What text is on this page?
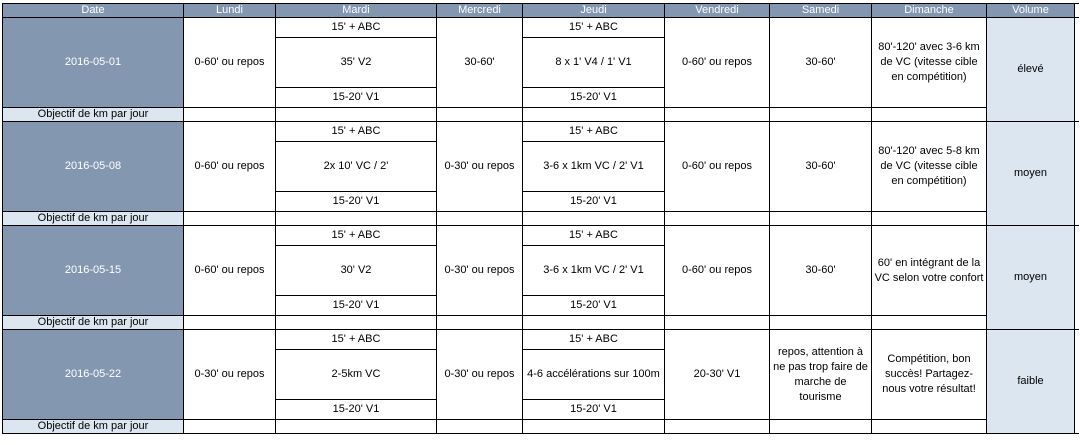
Date	Lundi	Mardi	Mercredi	Jeudi	Vendredi	Samedi	Dimanche	Volume	
2016-05-01	0-60' ou repos	15' + ABC	30-60'	15' + ABC	0-60' ou repos	30-60'	80'-120' avec 3-6 km de VC (vitesse cible en compétition)	élevé	
		35' V2		8 x 1' V4 / 1' V1					
		15-20' V1		15-20' V1					
Objectif de km par jour									
2016-05-08	0-60' ou repos	15' + ABC	0-30' ou repos	15' + ABC	0-60' ou repos	30-60'	80'-120' avec 5-8 km de VC (vitesse cible en compétition)	moyen	
		2x 10' VC / 2'		3-6 x 1km VC / 2' V1					
		15-20' V1		15-20' V1					
Objectif de km par jour									
2016-05-15	0-60' ou repos	15' + ABC	0-30' ou repos	15' + ABC	0-60' ou repos	30-60'	60' en intégrant de la VC selon votre confort	moyen	
		30' V2		3-6 x 1km VC / 2' V1					
		15-20' V1		15-20' V1					
Objectif de km par jour									
2016-05-22	0-30' ou repos	15' + ABC	0-30' ou repos	15' + ABC	20-30' V1	repos, attention à ne pas trop faire de marche de tourisme	Compétition, bon succès! Partagez-nous votre résultat!	faible	
		2-5km VC		4-6 accélérations sur 100m					
		15-20' V1		15-20' V1					
Objectif de km par jour									
